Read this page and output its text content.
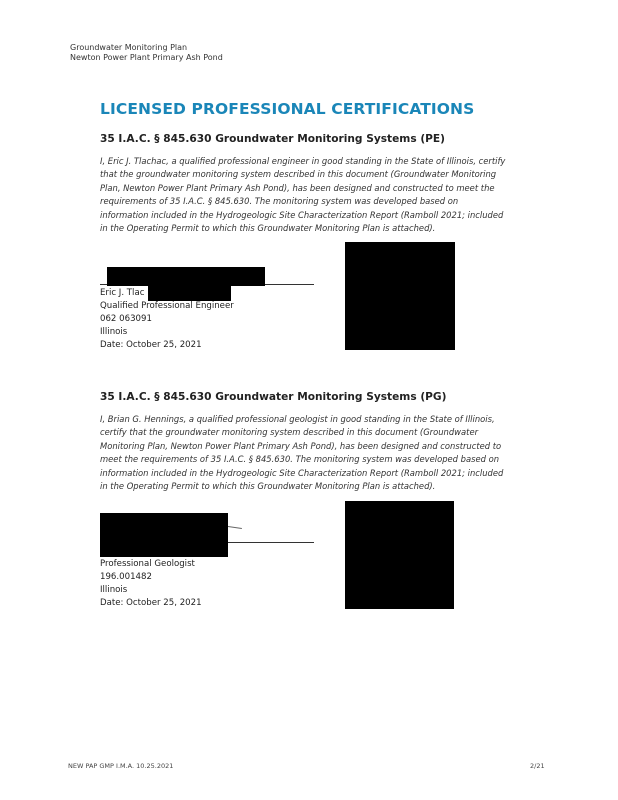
Groundwater Monitoring Plan
Newton Power Plant Primary Ash Pond
LICENSED PROFESSIONAL CERTIFICATIONS
35 I.A.C. § 845.630 Groundwater Monitoring Systems (PE)
I, Eric J. Tlachac, a qualified professional engineer in good standing in the State of Illinois, certify
that the groundwater monitoring system described in this document (Groundwater Monitoring
Plan, Newton Power Plant Primary Ash Pond), has been designed and constructed to meet the
requirements of 35 I.A.C. § 845.630. The monitoring system was developed based on
information included in the Hydrogeologic Site Characterization Report (Ramboll 2021; included
in the Operating Permit to which this Groundwater Monitoring Plan is attached).
Eric J. Tlac
Qualified Professional Engineer
062 063091
Illinois
Date: October 25, 2021
35 I.A.C. § 845.630 Groundwater Monitoring Systems (PG)
I, Brian G. Hennings, a qualified professional geologist in good standing in the State of Illinois,
certify that the groundwater monitoring system described in this document (Groundwater
Monitoring Plan, Newton Power Plant Primary Ash Pond), has been designed and constructed to
meet the requirements of 35 I.A.C. § 845.630. The monitoring system was developed based on
information included in the Hydrogeologic Site Characterization Report (Ramboll 2021; included
in the Operating Permit to which this Groundwater Monitoring Plan is attached).
Professional Geologist
196.001482
Illinois
Date: October 25, 2021
NEW PAP GMP I.M.A. 10.25.2021	2/21
